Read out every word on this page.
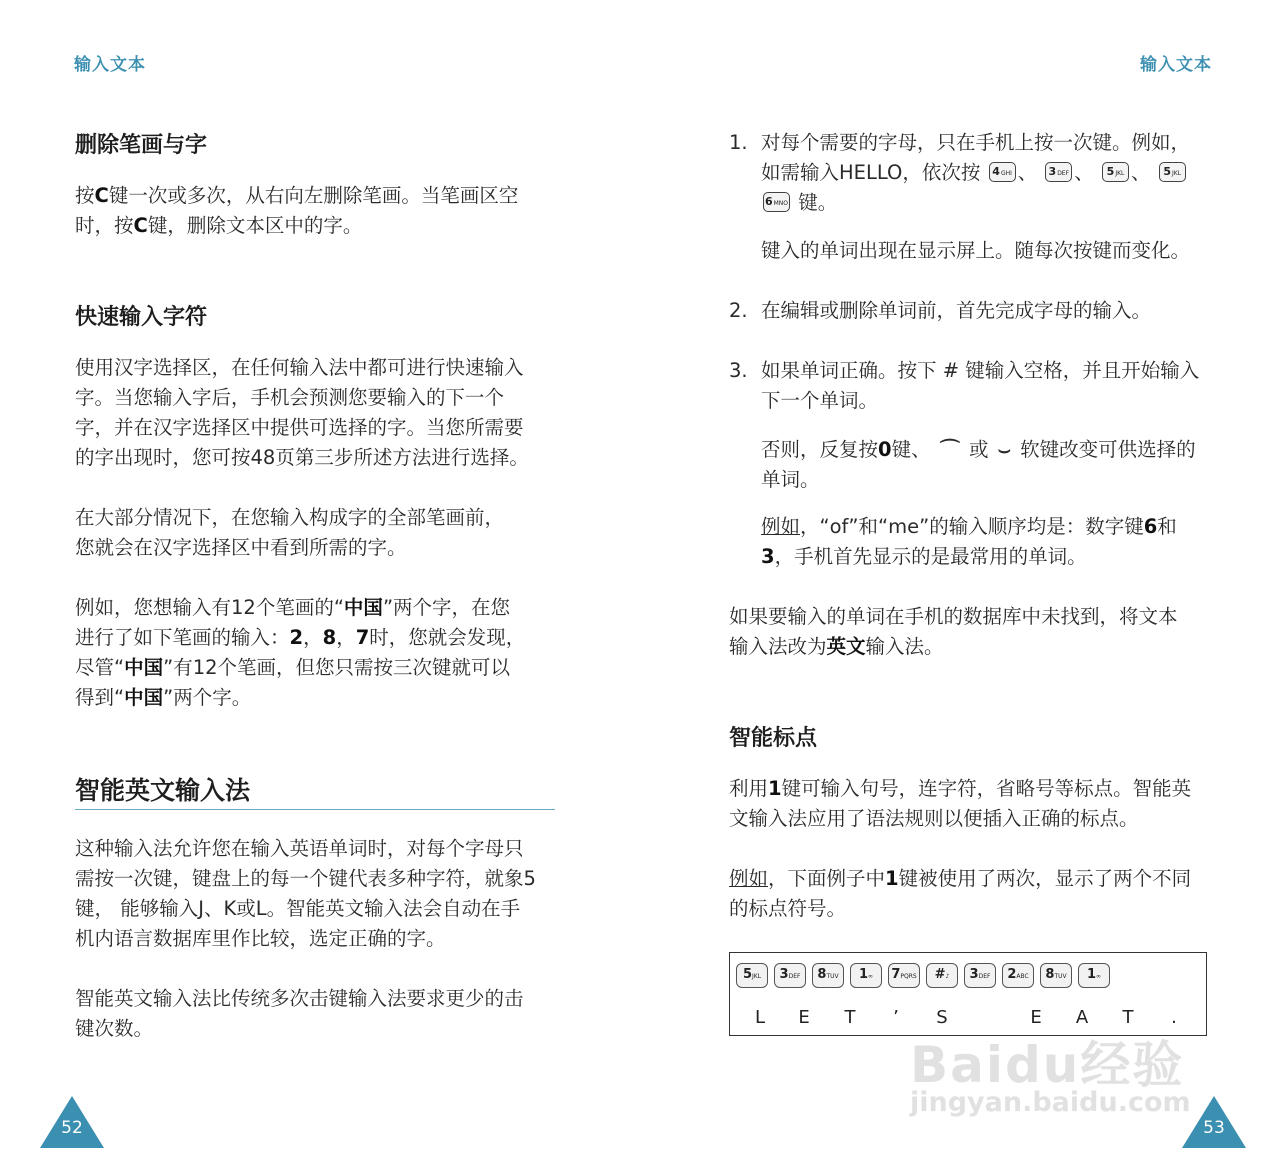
输入文本
删除笔画与字

按C键一次或多次，从右向左删除笔画。当笔画区空
时，按C键，删除文本区中的字。

快速输入字符

使用汉字选择区，在任何输入法中都可进行快速输入
字。当您输入字后，手机会预测您要输入的下一个
字，并在汉字选择区中提供可选择的字。当您所需要
的字出现时，您可按48页第三步所述方法进行选择。

在大部分情况下，在您输入构成字的全部笔画前，
您就会在汉字选择区中看到所需的字。

例如，您想输入有12个笔画的“中国”两个字，在您
进行了如下笔画的输入：2，8，7时，您就会发现，
尽管“中国”有12个笔画，但您只需按三次键就可以
得到“中国”两个字。

智能英文输入法

这种输入法允许您在输入英语单词时，对每个字母只
需按一次键，键盘上的每一个键代表多种字符，就象5
键， 能够输入J、K或L。智能英文输入法会自动在手
机内语言数据库里作比较，选定正确的字。

智能英文输入法比传统多次击键输入法要求更少的击
键次数。

52
输入文本
1. 对每个需要的字母，只在手机上按一次键。例如，
如需输入HELLO，依次按 4GHI 、 3DEF 、 5JKL 、 5JKL
6MNO 键。

键入的单词出现在显示屏上。随每次按键而变化。

2. 在编辑或删除单词前，首先完成字母的输入。

3. 如果单词正确。按下 # 键输入空格，并且开始输入
下一个单词。

否则，反复按0键、 ⌒ 或 ⌣ 软键改变可供选择的
单词。

例如，“of”和“me”的输入顺序均是：数字键6和
3，手机首先显示的是最常用的单词。

如果要输入的单词在手机的数据库中未找到，将文本
输入法改为英文输入法。

智能标点

利用1键可输入句号，连字符，省略号等标点。智能英
文输入法应用了语法规则以便插入正确的标点。

例如，下面例子中1键被使用了两次，显示了两个不同
的标点符号。

5JKL	3DEF	8TUV	1∞	7PQRS	#♪	3DEF	2ABC	8TUV	1∞
L	E	T	’	S	E	A	T	.
53
Baidu经验
jingyan.baidu.com
